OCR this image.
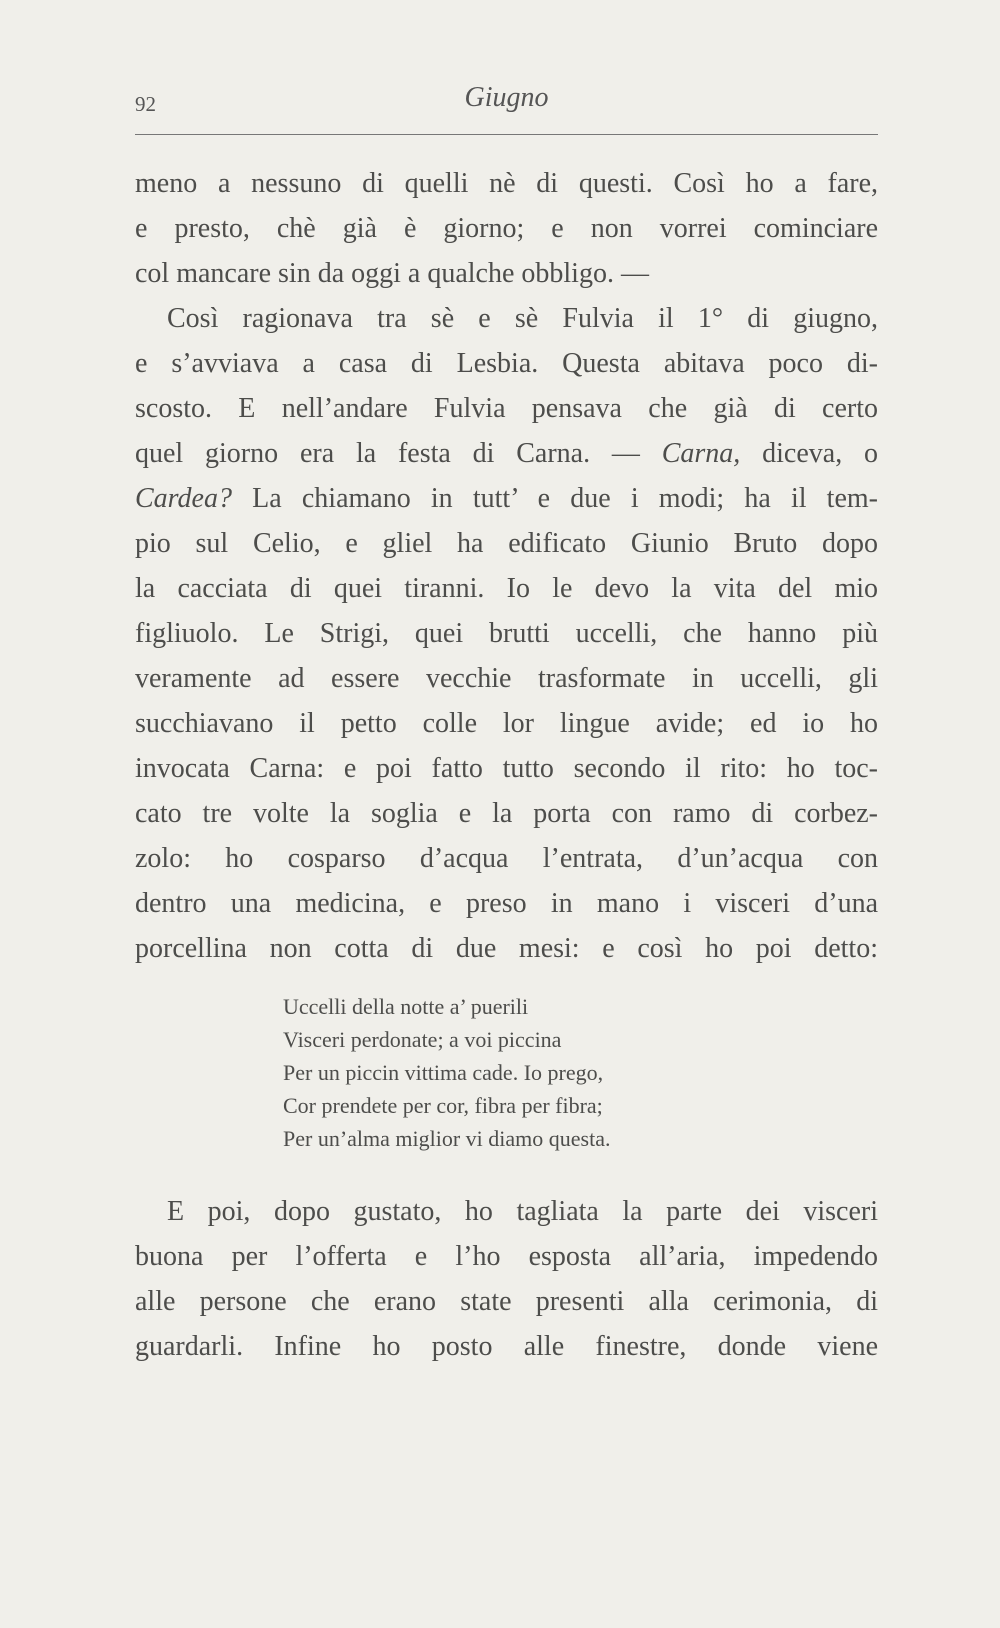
92	Giugno
meno a nessuno di quelli nè di questi. Così ho a fare,
e presto, chè già è giorno; e non vorrei cominciare
col mancare sin da oggi a qualche obbligo. —
Così ragionava tra sè e sè Fulvia il 1° di giugno,
e s’avviava a casa di Lesbia. Questa abitava poco di-
scosto. E nell’andare Fulvia pensava che già di certo
quel giorno era la festa di Carna. — Carna, diceva, o
Cardea? La chiamano in tutt’ e due i modi; ha il tem-
pio sul Celio, e gliel ha edificato Giunio Bruto dopo
la cacciata di quei tiranni. Io le devo la vita del mio
figliuolo. Le Strigi, quei brutti uccelli, che hanno più
veramente ad essere vecchie trasformate in uccelli, gli
succhiavano il petto colle lor lingue avide; ed io ho
invocata Carna: e poi fatto tutto secondo il rito: ho toc-
cato tre volte la soglia e la porta con ramo di corbez-
zolo: ho cosparso d’acqua l’entrata, d’un’acqua con
dentro una medicina, e preso in mano i visceri d’una
porcellina non cotta di due mesi: e così ho poi detto:
Uccelli della notte a’ puerili
Visceri perdonate; a voi piccina
Per un piccin vittima cade. Io prego,
Cor prendete per cor, fibra per fibra;
Per un’alma miglior vi diamo questa.
E poi, dopo gustato, ho tagliata la parte dei visceri
buona per l’offerta e l’ho esposta all’aria, impedendo
alle persone che erano state presenti alla cerimonia, di
guardarli. Infine ho posto alle finestre, donde viene
